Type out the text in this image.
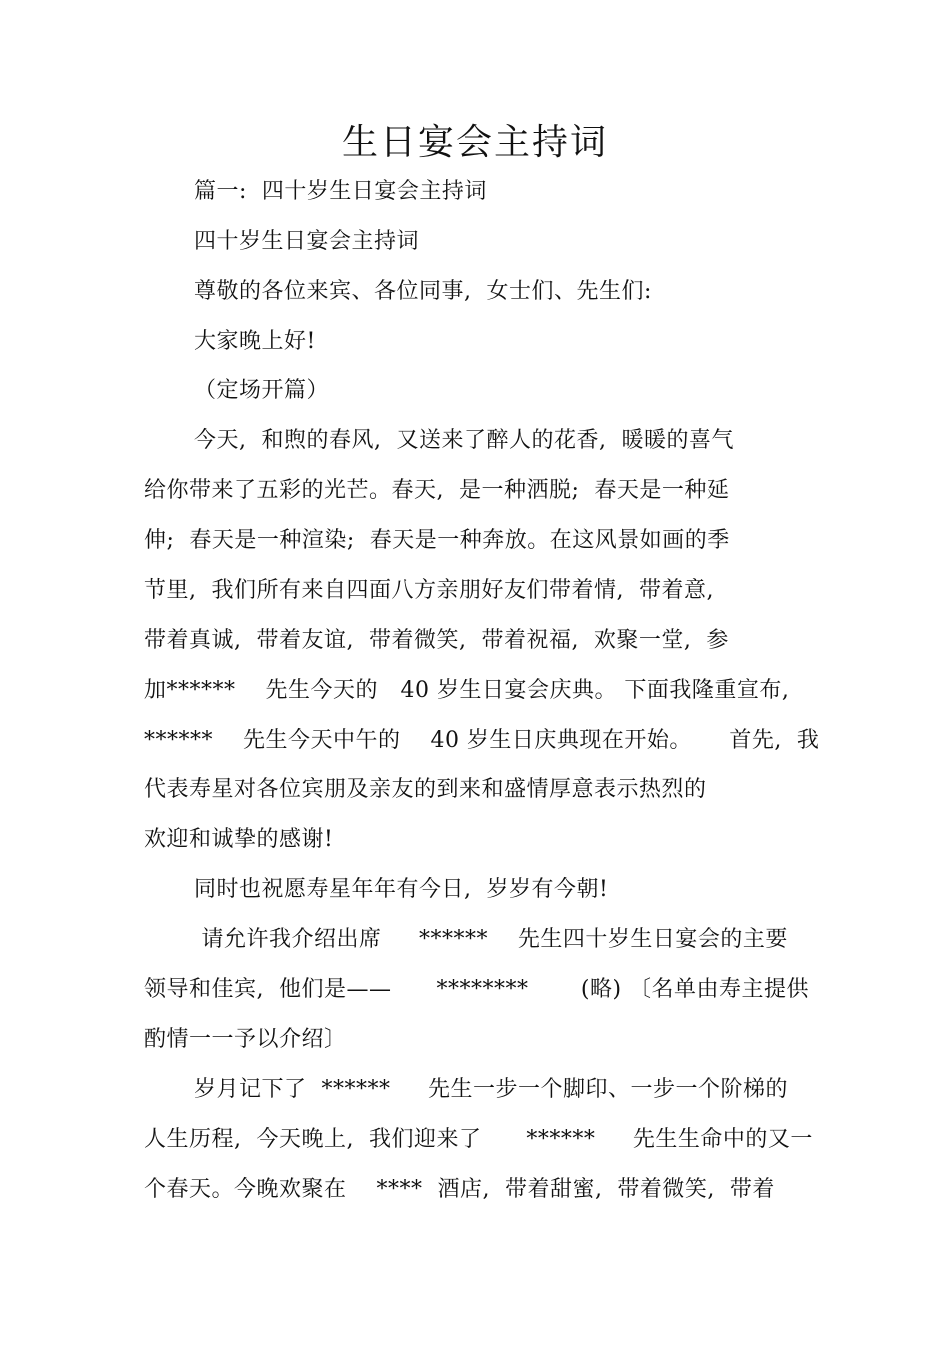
生日宴会主持词
篇一:  四十岁生日宴会主持词
四十岁生日宴会主持词
尊敬的各位来宾、各位同事,  女士们、先生们:
大家晚上好!
（定场开篇）
今天,  和煦的春风,  又送来了醉人的花香,  暖暖的喜气
给你带来了五彩的光芒。春天,  是一种洒脱;  春天是一种延
伸;  春天是一种渲染;  春天是一种奔放。在这风景如画的季
节里,  我们所有来自四面八方亲朋好友们带着情,  带着意,
带着真诚,  带着友谊,  带着微笑,  带着祝福,  欢聚一堂,  参
加******    先生今天的   40 岁生日宴会庆典。 下面我隆重宣布,
******    先生今天中午的    40 岁生日庆典现在开始。     首先,  我
代表寿星对各位宾朋及亲友的到来和盛情厚意表示热烈的
欢迎和诚挚的感谢!
同时也祝愿寿星年年有今日,  岁岁有今朝!
请允许我介绍出席     ******    先生四十岁生日宴会的主要
领导和佳宾,  他们是——      ********       (略) 〔名单由寿主提供
酌情一一予以介绍〕
岁月记下了  ******     先生一步一个脚印、一步一个阶梯的
人生历程,  今天晚上,  我们迎来了      ******     先生生命中的又一
个春天。今晚欢聚在    ****  酒店,  带着甜蜜,  带着微笑,  带着
